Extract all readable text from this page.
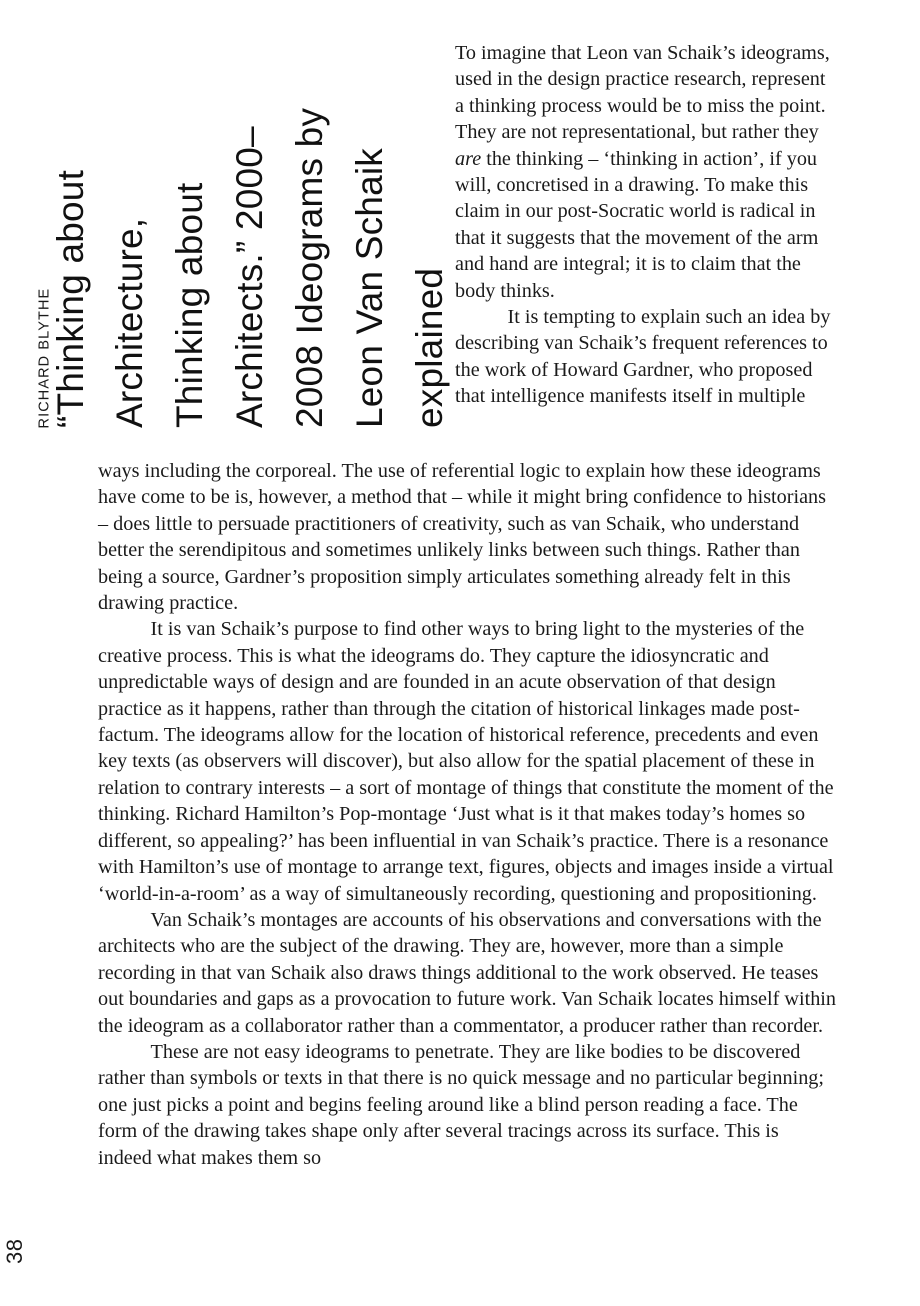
RICHARD BLYTHE
“Thinking about Architecture, Thinking about Architects.” 2000– 2008 Ideograms by Leon Van Schaik explained

To imagine that Leon van Schaik’s ideograms, used in the design practice research, represent a thinking process would be to miss the point. They are not representational, but rather they are the thinking – ‘thinking in action’, if you will, concretised in a drawing. To make this claim in our post-Socratic world is radical in that it suggests that the movement of the arm and hand are integral; it is to claim that the body thinks.

It is tempting to explain such an idea by describing van Schaik’s frequent references to the work of Howard Gardner, who proposed that intelligence manifests itself in multiple

ways including the corporeal. The use of referential logic to explain how these ideograms have come to be is, however, a method that – while it might bring confidence to historians – does little to persuade practitioners of creativity, such as van Schaik, who understand better the serendipitous and sometimes unlikely links between such things. Rather than being a source, Gardner’s proposition simply articulates something already felt in this drawing practice.

It is van Schaik’s purpose to find other ways to bring light to the mysteries of the creative process. This is what the ideograms do. They capture the idiosyncratic and unpredictable ways of design and are founded in an acute observation of that design practice as it happens, rather than through the citation of historical linkages made post-factum. The ideograms allow for the location of historical reference, precedents and even key texts (as observers will discover), but also allow for the spatial placement of these in relation to contrary interests – a sort of montage of things that constitute the moment of the thinking. Richard Hamilton’s Pop-montage ‘Just what is it that makes today’s homes so different, so appealing?’ has been influential in van Schaik’s practice. There is a resonance with Hamilton’s use of montage to arrange text, figures, objects and images inside a virtual ‘world-in-a-room’ as a way of simultaneously recording, questioning and propositioning.

Van Schaik’s montages are accounts of his observations and conversations with the architects who are the subject of the drawing. They are, however, more than a simple recording in that van Schaik also draws things additional to the work observed. He teases out boundaries and gaps as a provocation to future work. Van Schaik locates himself within the ideogram as a collaborator rather than a commentator, a producer rather than recorder.

These are not easy ideograms to penetrate. They are like bodies to be discovered rather than symbols or texts in that there is no quick message and no particular beginning; one just picks a point and begins feeling around like a blind person reading a face. The form of the drawing takes shape only after several tracings across its surface. This is indeed what makes them so

38
